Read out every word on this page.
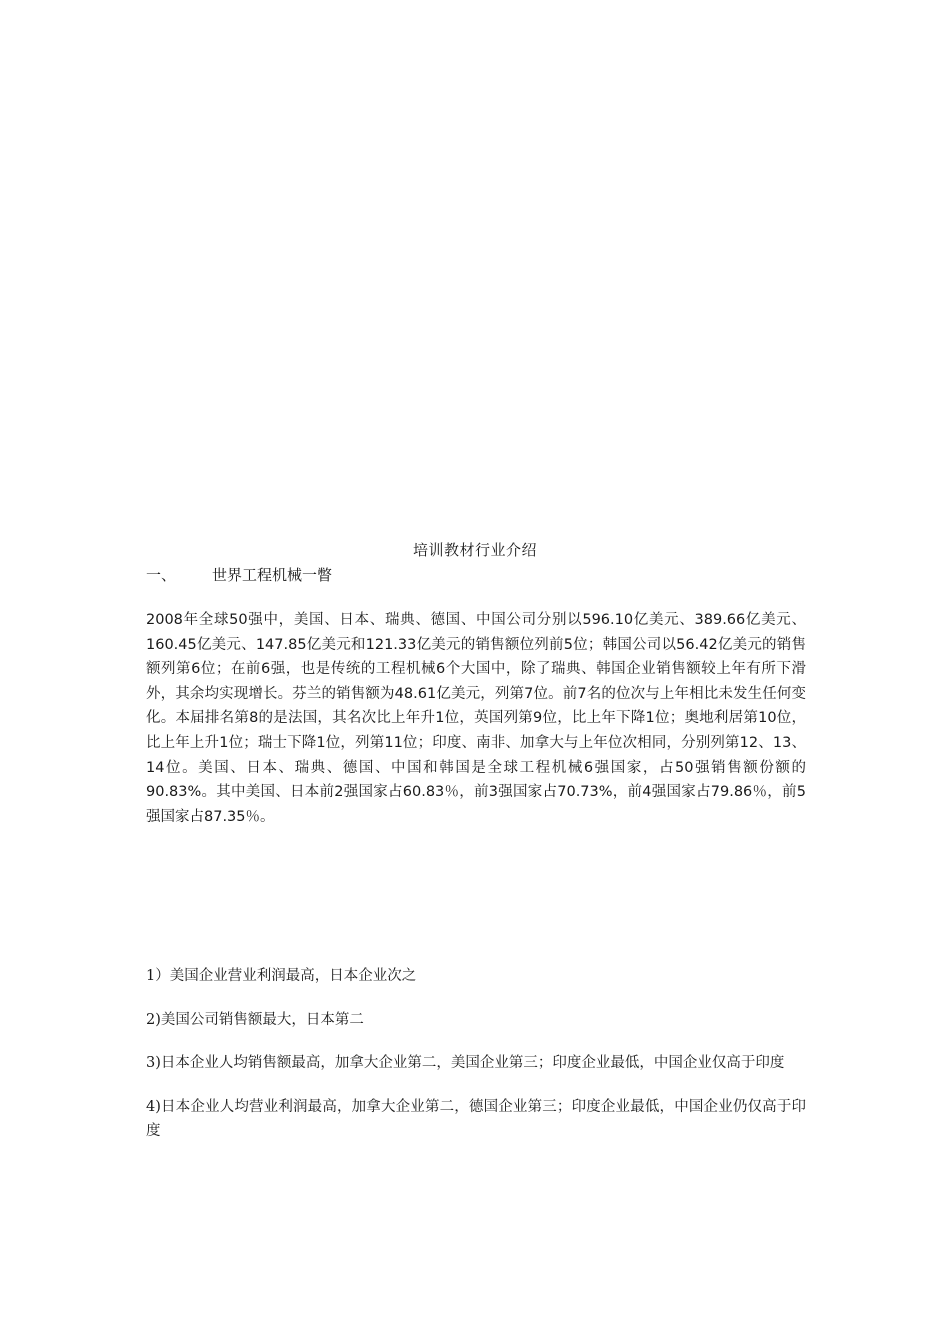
培训教材行业介绍
一、 世界工程机械一瞥

2008年全球50强中，美国、日本、瑞典、德国、中国公司分别以596.10亿美元、389.66亿美元、160.45亿美元、147.85亿美元和121.33亿美元的销售额位列前5位；韩国公司以56.42亿美元的销售额列第6位；在前6强，也是传统的工程机械6个大国中，除了瑞典、韩国企业销售额较上年有所下滑外，其余均实现增长。芬兰的销售额为48.61亿美元，列第7位。前7名的位次与上年相比未发生任何变化。本届排名第8的是法国，其名次比上年升1位，英国列第9位，比上年下降1位；奥地利居第10位，比上年上升1位；瑞士下降1位，列第11位；印度、南非、加拿大与上年位次相同，分别列第12、13、14位。美国、日本、瑞典、德国、中国和韩国是全球工程机械6强国家，占50强销售额份额的90.83%。其中美国、日本前2强国家占60.83％，前3强国家占70.73%，前4强国家占79.86％，前5强国家占87.35％。

1）美国企业营业利润最高，日本企业次之
2)美国公司销售额最大，日本第二
3)日本企业人均销售额最高，加拿大企业第二，美国企业第三；印度企业最低，中国企业仅高于印度
4)日本企业人均营业利润最高，加拿大企业第二，德国企业第三；印度企业最低，中国企业仍仅高于印度
